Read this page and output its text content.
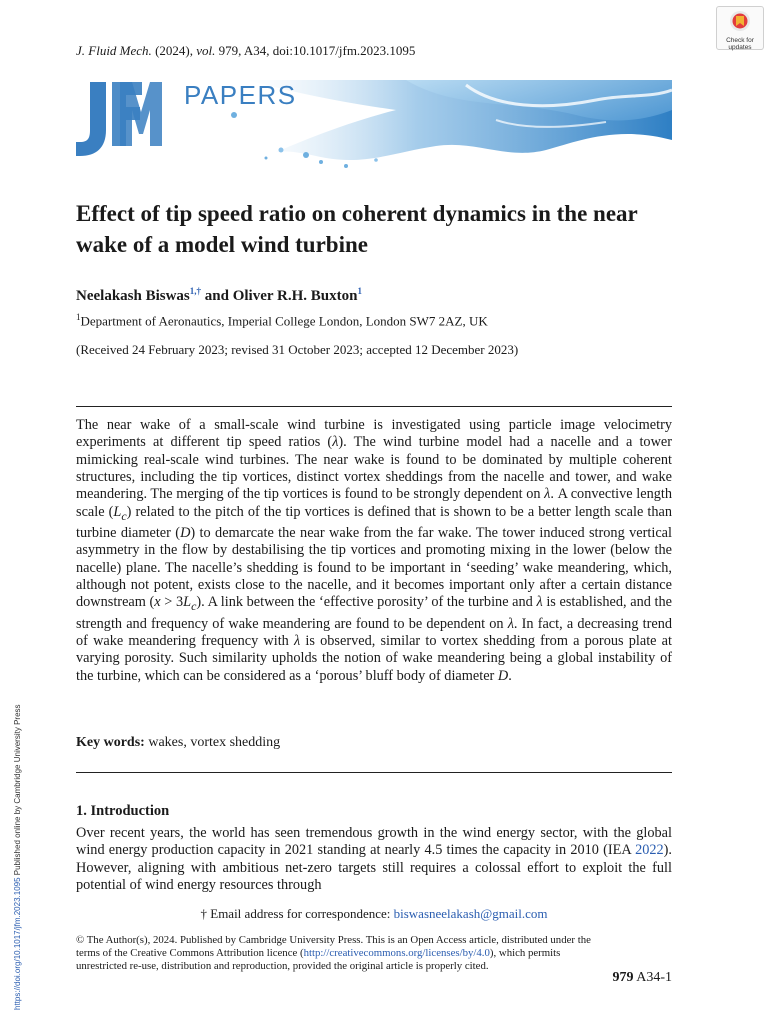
J. Fluid Mech. (2024), vol. 979, A34, doi:10.1017/jfm.2023.1095
Check for
updates
PAPERS
Effect of tip speed ratio on coherent dynamics in the near wake of a model wind turbine
Neelakash Biswas$^{1,\dagger}$ and Oliver R.H. Buxton$^1$
$^1$Department of Aeronautics, Imperial College London, London SW7 2AZ, UK
(Received 24 February 2023; revised 31 October 2023; accepted 12 December 2023)

The near wake of a small-scale wind turbine is investigated using particle image velocimetry experiments at different tip speed ratios (λ). The wind turbine model had a nacelle and a tower mimicking real-scale wind turbines. The near wake is found to be dominated by multiple coherent structures, including the tip vortices, distinct vortex sheddings from the nacelle and tower, and wake meandering. The merging of the tip vortices is found to be strongly dependent on λ. A convective length scale $(L_c)$ related to the pitch of the tip vortices is defined that is shown to be a better length scale than turbine diameter (D) to demarcate the near wake from the far wake. The tower induced strong vertical asymmetry in the flow by destabilising the tip vortices and promoting mixing in the lower (below the nacelle) plane. The nacelle’s shedding is found to be important in ‘seeding’ wake meandering, which, although not potent, exists close to the nacelle, and it becomes important only after a certain distance downstream $(x > 3L_c)$. A link between the ‘effective porosity’ of the turbine and λ is established, and the strength and frequency of wake meandering are found to be dependent on λ. In fact, a decreasing trend of wake meandering frequency with λ is observed, similar to vortex shedding from a porous plate at varying porosity. Such similarity upholds the notion of wake meandering being a global instability of the turbine, which can be considered as a ‘porous’ bluff body of diameter D.

Key words: wakes, vortex shedding
1. Introduction

Over recent years, the world has seen tremendous growth in the wind energy sector, with the global wind energy production capacity in 2021 standing at nearly 4.5 times the capacity in 2010 (IEA 2022). However, aligning with ambitious net-zero targets still requires a colossal effort to exploit the full potential of wind energy resources through

† Email address for correspondence: biswasneelakash@gmail.com
© The Author(s), 2024. Published by Cambridge University Press. This is an Open Access article, distributed under the terms of the Creative Commons Attribution licence (http://creativecommons.org/licenses/by/4.0), which permits unrestricted re-use, distribution and reproduction, provided the original article is properly cited.
979 A34-1
https://doi.org/10.1017/jfm.2023.1095 Published online by Cambridge University Press
